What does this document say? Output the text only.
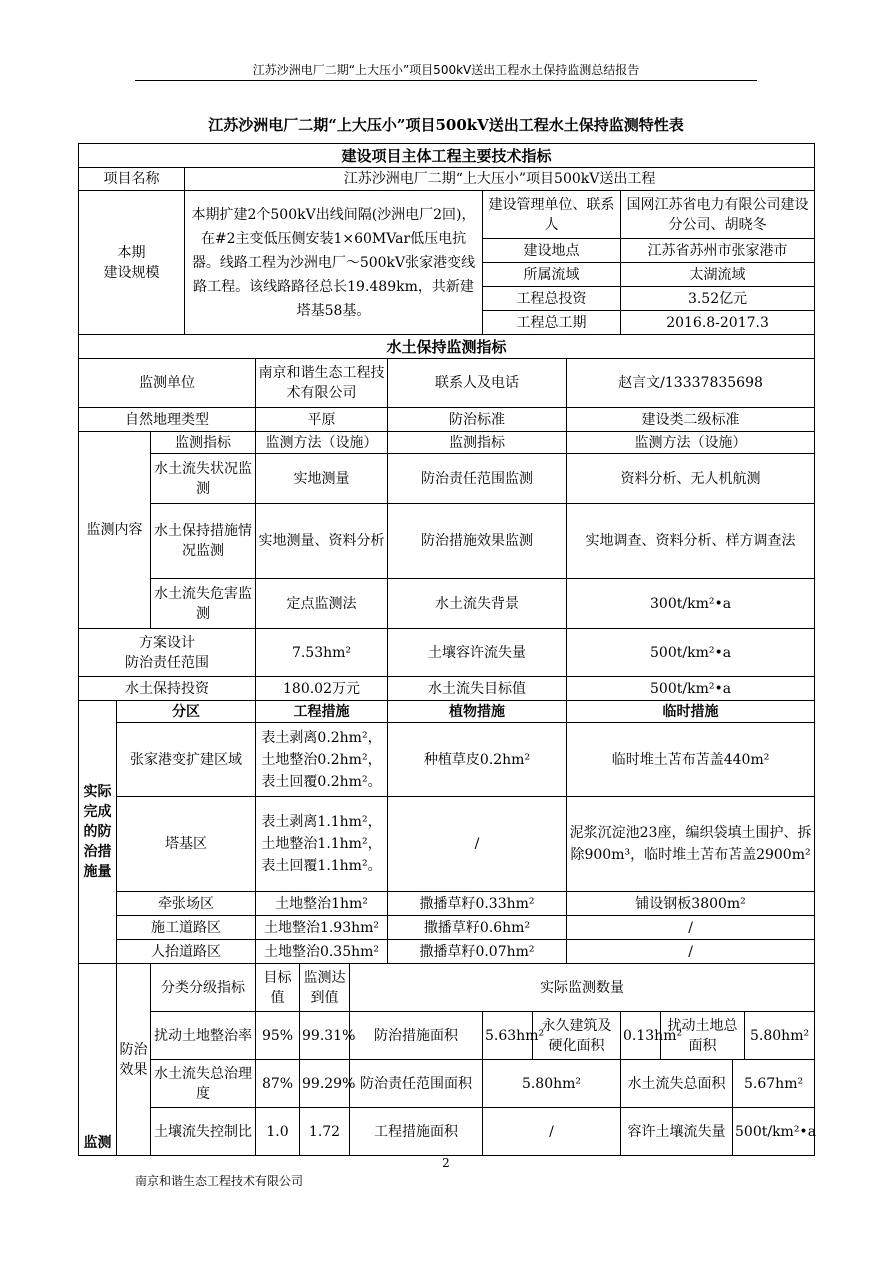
江苏沙洲电厂二期“上大压小”项目500kV送出工程水土保持监测总结报告
江苏沙洲电厂二期“上大压小”项目500kV送出工程水土保持监测特性表
建设项目主体工程主要技术指标														
项目名称			江苏沙洲电厂二期“上大压小”项目500kV送出工程											
本期
建设规模			本期扩建2个500kV出线间隔(沙洲电厂2回)，在#2主变低压侧安装1×60MVar低压电抗器。线路工程为沙洲电厂～500kV张家港变线路工程。该线路路径总长19.489km，共新建塔基58基。					建设管理单位、联系人			国网江苏省电力有限公司建设分公司、胡晓冬			
								建设地点			江苏省苏州市张家港市			
								所属流域			太湖流域			
								工程总投资			3.52亿元			
								工程总工期			2016.8-2017.3			
水土保持监测指标														
监测单位				南京和谐生态工程技术有限公司			联系人及电话			赵言文/13337835698				
自然地理类型				平原			防治标准			建设类二级标准				
监测内容		监测指标		监测方法（设施）			监测指标			监测方法（设施）				
		水土流失状况监测		实地测量			防治责任范围监测			资料分析、无人机航测				
		水土保持措施情况监测		实地测量、资料分析			防治措施效果监测			实地调查、资料分析、样方调查法				
		水土流失危害监测		定点监测法			水土流失背景			300t/km²•a				
方案设计
防治责任范围				7.53hm²			土壤容许流失量			500t/km²•a				
水土保持投资				180.02万元			水土流失目标值			500t/km²•a				
实际完成的防治措施量	分区			工程措施			植物措施			临时措施				
	张家港变扩建区域			表土剥离0.2hm²，土地整治0.2hm²，表土回覆0.2hm²。			种植草皮0.2hm²			临时堆土苫布苫盖440m²				
	塔基区			表土剥离1.1hm²，土地整治1.1hm²，表土回覆1.1hm²。			/			泥浆沉淀池23座，编织袋填土围护、拆除900m³，临时堆土苫布苫盖2900m²				
	牵张场区			土地整治1hm²			撒播草籽0.33hm²			铺设钢板3800m²				
	施工道路区			土地整治1.93hm²			撒播草籽0.6hm²			/				
	人抬道路区			土地整治0.35hm²			撒播草籽0.07hm²			/				
监测	防治效果	分类分级指标		目标值	监测达到值	实际监测数量								
		扰动土地整治率		95%	99.31%	防治措施面积		5.63hm²	永久建筑及硬化面积		0.13hm²	扰动土地总面积		5.80hm²
		水土流失总治理度		87%	99.29%	防治责任范围面积		5.80hm²			水土流失总面积		5.67hm²	
		土壤流失控制比		1.0	1.72	工程措施面积		/			容许土壤流失量		500t/km²•a	
2
南京和谐生态工程技术有限公司
